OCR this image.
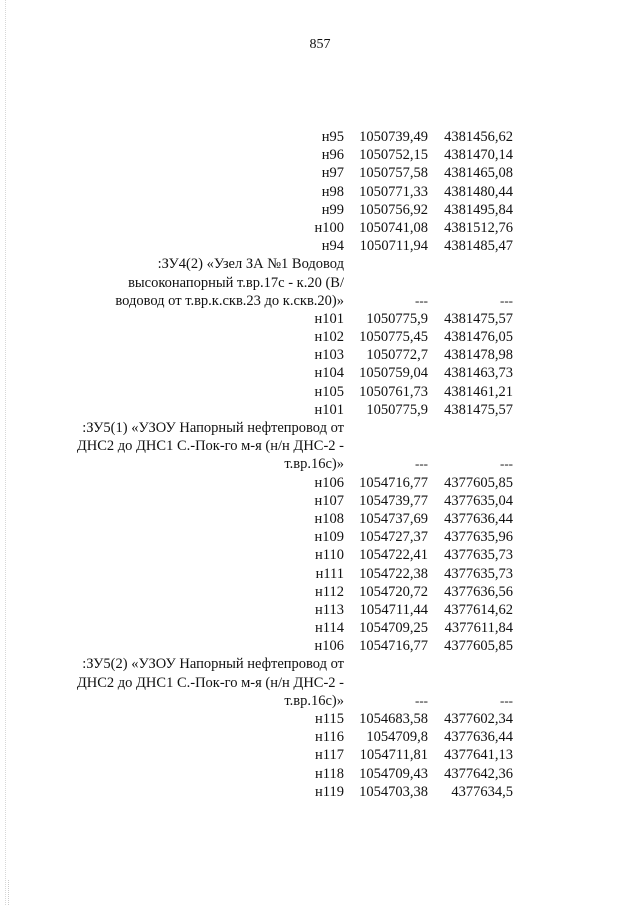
857
н95 1050739,49 4381456,62
н96 1050752,15 4381470,14
н97 1050757,58 4381465,08
н98 1050771,33 4381480,44
н99 1050756,92 4381495,84
н100 1050741,08 4381512,76
н94 1050711,94 4381485,47
:ЗУ4(2) «Узел ЗА №1 Водовод
высоконапорный т.вр.17с - к.20 (В/
водовод от т.вр.к.скв.23 до к.скв.20)»	---	---
н101 1050775,9 4381475,57
н102 1050775,45 4381476,05
н103 1050772,7 4381478,98
н104 1050759,04 4381463,73
н105 1050761,73 4381461,21
н101 1050775,9 4381475,57
:ЗУ5(1) «УЗОУ Напорный нефтепровод от
ДНС2 до ДНС1 С.-Пок-го м-я (н/н ДНС-2 -
т.вр.16с)»	---	---
н106 1054716,77 4377605,85
н107 1054739,77 4377635,04
н108 1054737,69 4377636,44
н109 1054727,37 4377635,96
н110 1054722,41 4377635,73
н111 1054722,38 4377635,73
н112 1054720,72 4377636,56
н113 1054711,44 4377614,62
н114 1054709,25 4377611,84
н106 1054716,77 4377605,85
:ЗУ5(2) «УЗОУ Напорный нефтепровод от
ДНС2 до ДНС1 С.-Пок-го м-я (н/н ДНС-2 -
т.вр.16с)»	---	---
н115 1054683,58 4377602,34
н116 1054709,8 4377636,44
н117 1054711,81 4377641,13
н118 1054709,43 4377642,36
н119 1054703,38 4377634,5
